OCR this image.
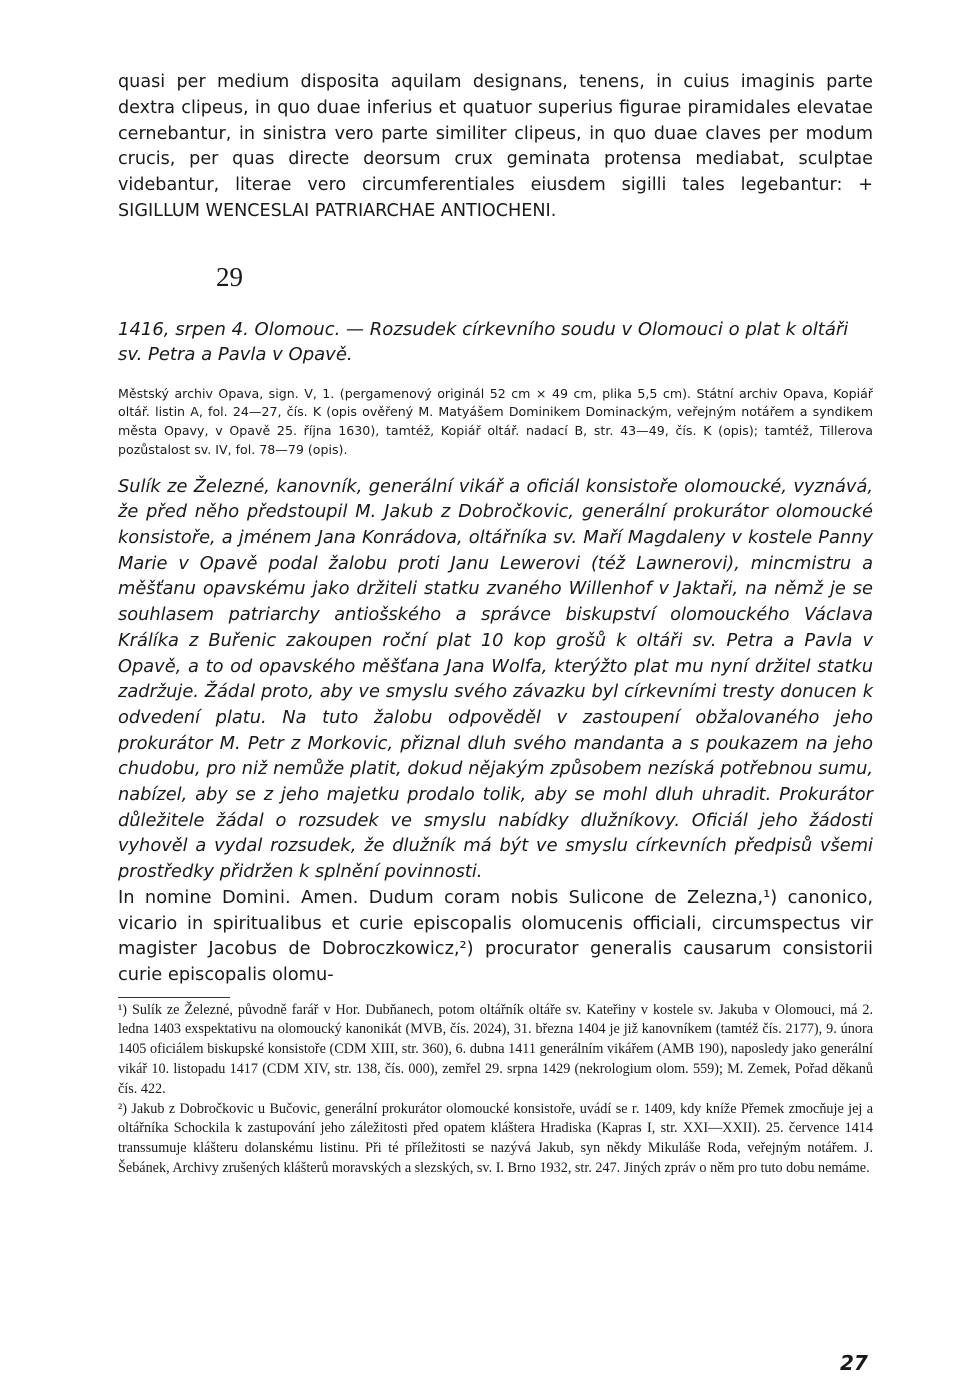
quasi per medium disposita aquilam designans, tenens, in cuius imaginis parte dextra clipeus, in quo duae inferius et quatuor superius figurae piramidales elevatae cernebantur, in sinistra vero parte similiter clipeus, in quo duae claves per modum crucis, per quas directe deorsum crux geminata protensa mediabat, sculptae videbantur, literae vero circumferentiales eiusdem sigilli tales legebantur: + SIGILLUM WENCESLAI PATRIARCHAE ANTIOCHENI.

29
1416, srpen 4. Olomouc. — Rozsudek církevního soudu v Olomouci o plat k oltáři sv. Petra a Pavla v Opavě.

Městský archiv Opava, sign. V, 1. (pergamenový originál 52 cm × 49 cm, plika 5,5 cm). Státní archiv Opava, Kopiář oltář. listin A, fol. 24—27, čís. K (opis ověřený M. Matyášem Dominikem Dominackým, veřejným notářem a syndikem města Opavy, v Opavě 25. října 1630), tamtéž, Kopiář oltář. nadací B, str. 43—49, čís. K (opis); tamtéž, Tillerova pozůstalost sv. IV, fol. 78—79 (opis).

Sulík ze Železné, kanovník, generální vikář a oficiál konsistoře olomoucké, vyznává, že před něho předstoupil M. Jakub z Dobročkovic, generální prokurátor olomoucké konsistoře, a jménem Jana Konrádova, oltářníka sv. Maří Magdaleny v kostele Panny Marie v Opavě podal žalobu proti Janu Lewerovi (též Lawnerovi), mincmistru a měšťanu opavskému jako držiteli statku zvaného Willenhof v Jaktaři, na němž je se souhlasem patriarchy antiošského a správce biskupství olomouckého Václava Králíka z Buřenic zakoupen roční plat 10 kop grošů k oltáři sv. Petra a Pavla v Opavě, a to od opavského měšťana Jana Wolfa, kterýžto plat mu nyní držitel statku zadržuje. Žádal proto, aby ve smyslu svého závazku byl církevními tresty donucen k odvedení platu. Na tuto žalobu odpověděl v zastoupení obžalovaného jeho prokurátor M. Petr z Morkovic, přiznal dluh svého mandanta a s poukazem na jeho chudobu, pro niž nemůže platit, dokud nějakým způsobem nezíská potřebnou sumu, nabízel, aby se z jeho majetku prodalo tolik, aby se mohl dluh uhradit. Prokurátor důležitele žádal o rozsudek ve smyslu nabídky dlužníkovy. Oficiál jeho žádosti vyhověl a vydal rozsudek, že dlužník má být ve smyslu církevních předpisů všemi prostředky přidržen k splnění povinnosti.

In nomine Domini. Amen. Dudum coram nobis Sulicone de Zelezna,¹) canonico, vicario in spiritualibus et curie episcopalis olomucenis officiali, circumspectus vir magister Jacobus de Dobroczkowicz,²) procurator generalis causarum consistorii curie episcopalis olomu-

¹) Sulík ze Železné, původně farář v Hor. Dubňanech, potom oltářník oltáře sv. Kateřiny v kostele sv. Jakuba v Olomouci, má 2. ledna 1403 exspektativu na olomoucký kanonikát (MVB, čís. 2024), 31. března 1404 je již kanovníkem (tamtéž čís. 2177), 9. února 1405 oficiálem biskupské konsistoře (CDM XIII, str. 360), 6. dubna 1411 generálním vikářem (AMB 190), naposledy jako generální vikář 10. listopadu 1417 (CDM XIV, str. 138, čís. 000), zemřel 29. srpna 1429 (nekrologium olom. 559); M. Zemek, Pořad děkanů čís. 422.

²) Jakub z Dobročkovic u Bučovic, generální prokurátor olomoucké konsistoře, uvádí se r. 1409, kdy kníže Přemek zmocňuje jej a oltářníka Schockila k zastupování jeho záležitosti před opatem kláštera Hradiska (Kapras I, str. XXI—XXII). 25. července 1414 transsumuje klášteru dolanskému listinu. Při té příležitosti se nazývá Jakub, syn někdy Mikuláše Roda, veřejným notářem. J. Šebánek, Archivy zrušených klášterů moravských a slezských, sv. I. Brno 1932, str. 247. Jiných zpráv o něm pro tuto dobu nemáme.

27
